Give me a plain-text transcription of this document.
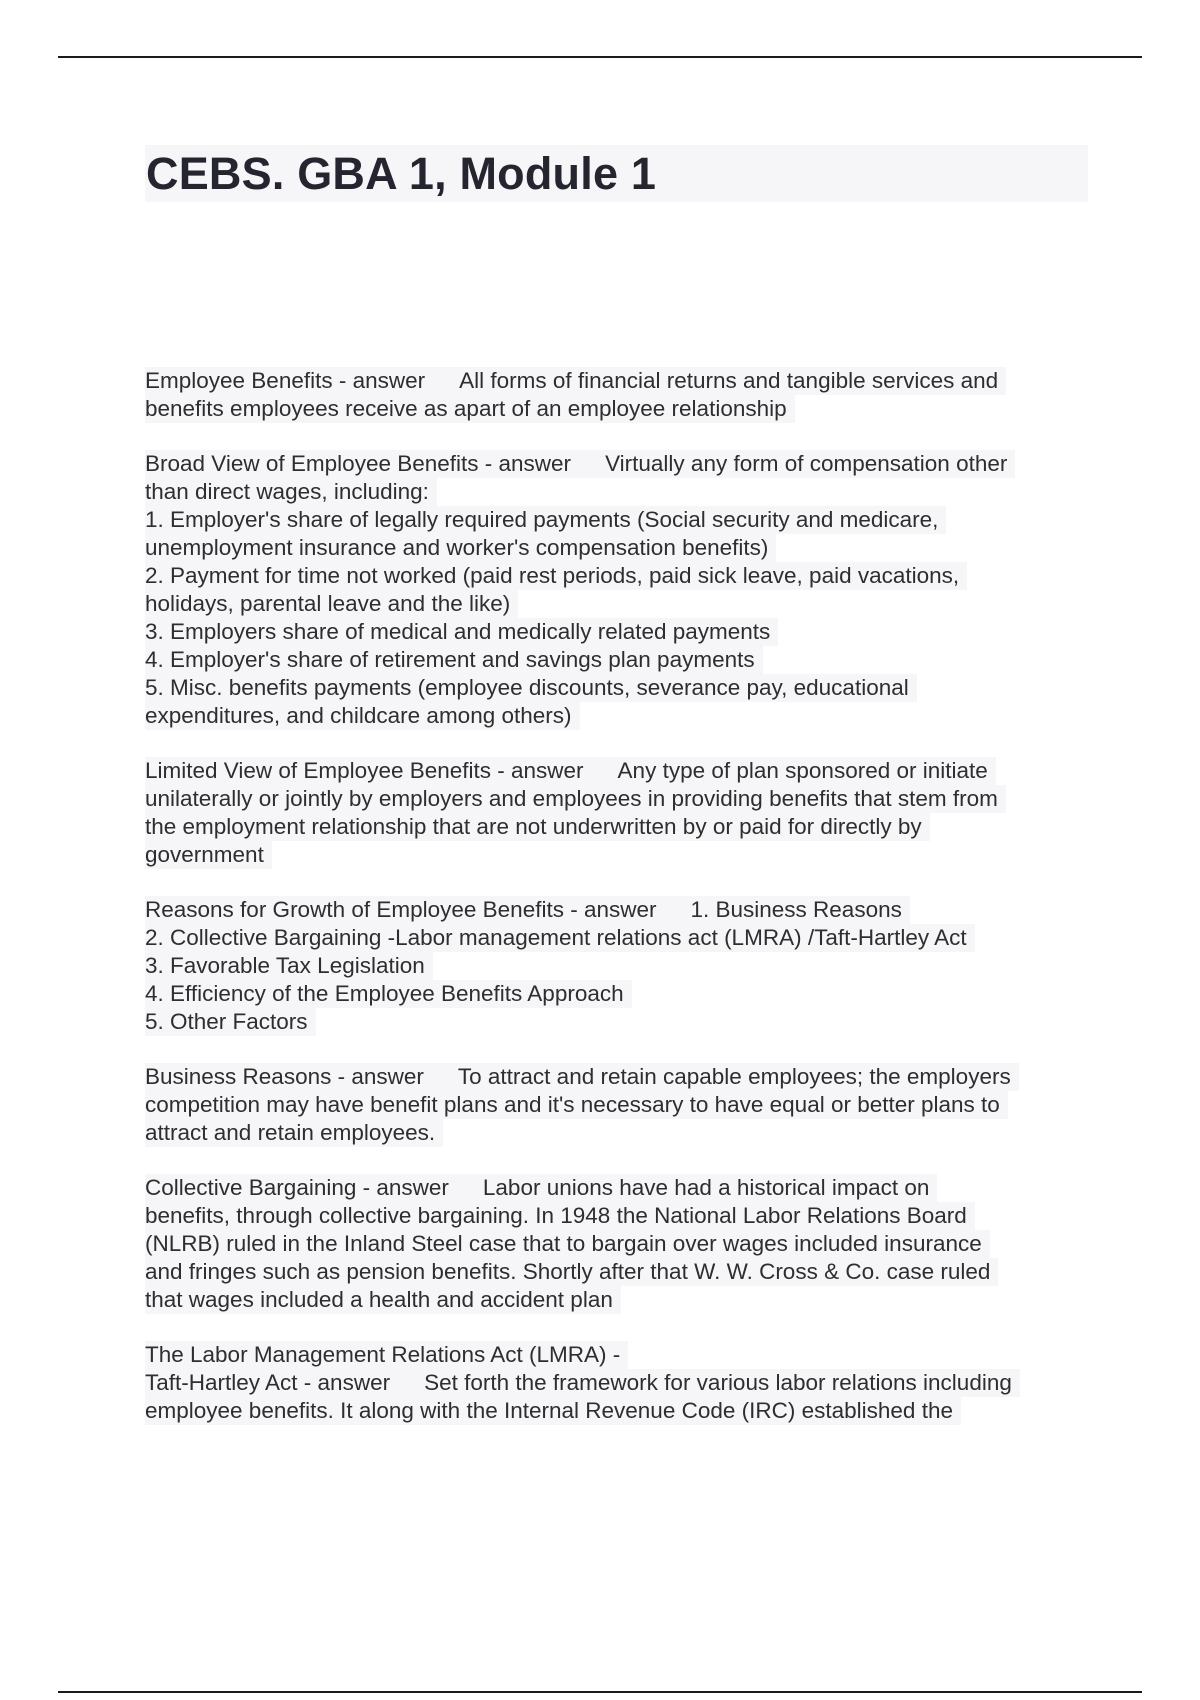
CEBS. GBA 1, Module 1
Employee Benefits - answer All forms of financial returns and tangible services and
benefits employees receive as apart of an employee relationship
Broad View of Employee Benefits - answer Virtually any form of compensation other
than direct wages, including:
1. Employer's share of legally required payments (Social security and medicare,
unemployment insurance and worker's compensation benefits)
2. Payment for time not worked (paid rest periods, paid sick leave, paid vacations,
holidays, parental leave and the like)
3. Employers share of medical and medically related payments
4. Employer's share of retirement and savings plan payments
5. Misc. benefits payments (employee discounts, severance pay, educational
expenditures, and childcare among others)
Limited View of Employee Benefits - answer Any type of plan sponsored or initiate
unilaterally or jointly by employers and employees in providing benefits that stem from
the employment relationship that are not underwritten by or paid for directly by
government
Reasons for Growth of Employee Benefits - answer 1. Business Reasons
2. Collective Bargaining -Labor management relations act (LMRA) /Taft-Hartley Act
3. Favorable Tax Legislation
4. Efficiency of the Employee Benefits Approach
5. Other Factors
Business Reasons - answer To attract and retain capable employees; the employers
competition may have benefit plans and it's necessary to have equal or better plans to
attract and retain employees.
Collective Bargaining - answer Labor unions have had a historical impact on
benefits, through collective bargaining. In 1948 the National Labor Relations Board
(NLRB) ruled in the Inland Steel case that to bargain over wages included insurance
and fringes such as pension benefits. Shortly after that W. W. Cross & Co. case ruled
that wages included a health and accident plan
The Labor Management Relations Act (LMRA) -
Taft-Hartley Act - answer Set forth the framework for various labor relations including
employee benefits. It along with the Internal Revenue Code (IRC) established the
